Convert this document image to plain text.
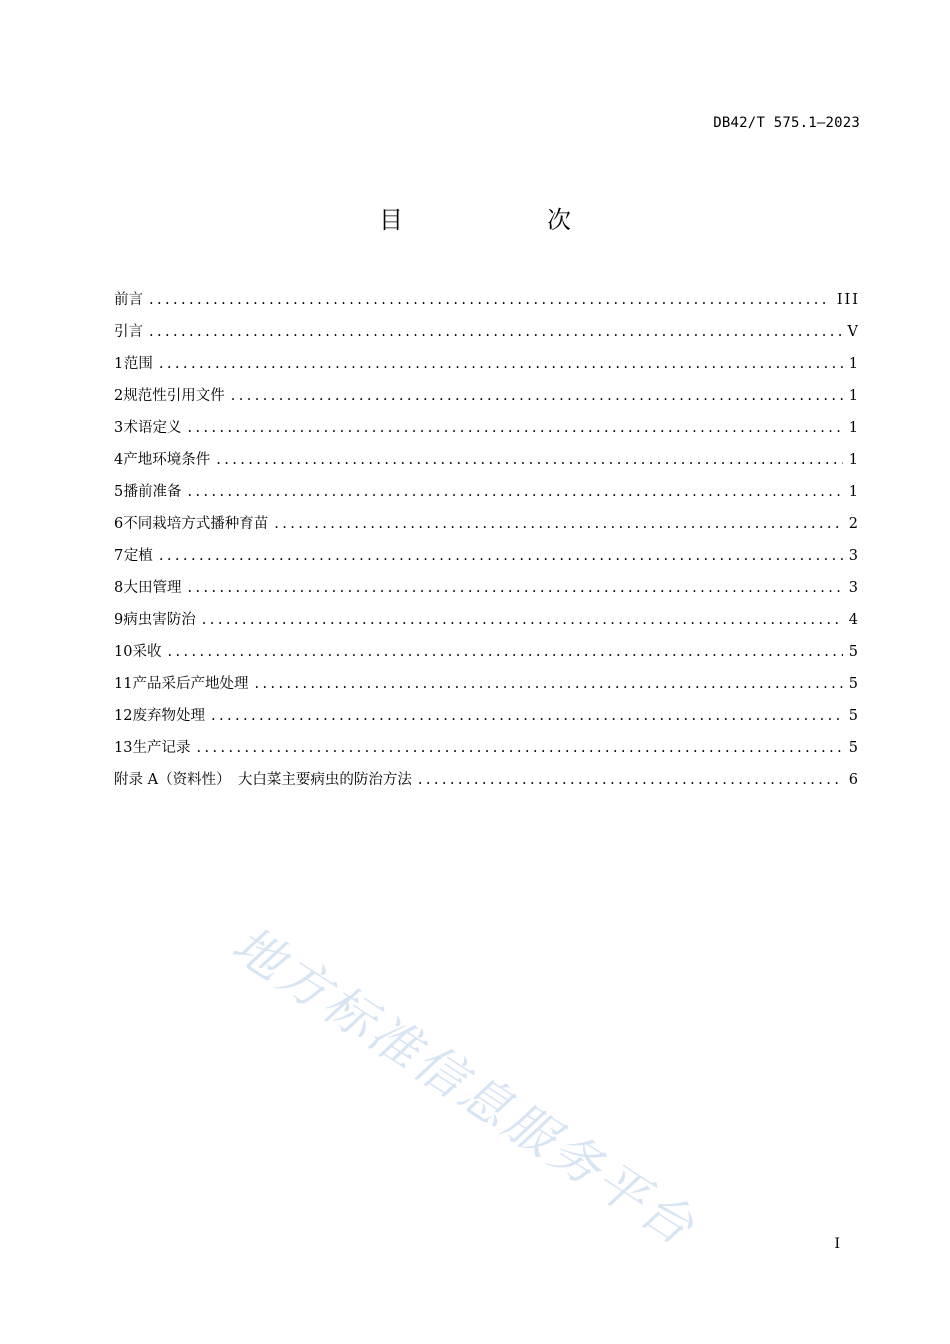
DB42/T 575.1—2023
目　次
前言 .....	III
引言 .....	V
1 范围 .....	1
2 规范性引用文件 .....	1
3 术语定义 .....	1
4 产地环境条件 .....	1
5 播前准备 .....	1
6 不同栽培方式播种育苗 .....	2
7 定植 .....	3
8 大田管理 .....	3
9 病虫害防治 .....	4
10 采收 .....	5
11 产品采后产地处理 .....	5
12 废弃物处理 .....	5
13 生产记录 .....	5
附录 A（资料性）　大白菜主要病虫的防治方法 .....	6
地方标准信息服务平台	I
